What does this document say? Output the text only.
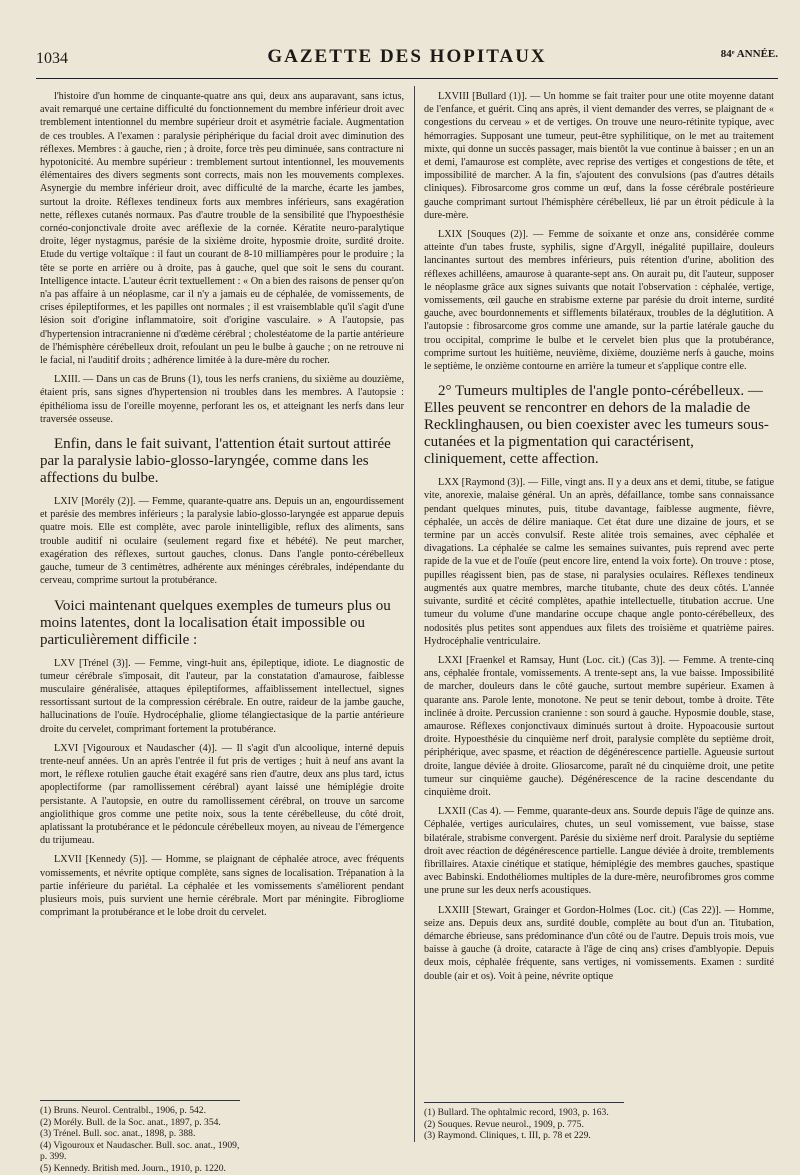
1034	GAZETTE DES HOPITAUX	84ᵉ ANNÉE.

l'histoire d'un homme de cinquante-quatre ans qui, deux ans auparavant, sans ictus, avait remarqué une certaine difficulté du fonctionnement du membre inférieur droit avec tremblement intentionnel du membre supérieur droit et asymétrie faciale. Augmentation de ces troubles. A l'examen : paralysie périphérique du facial droit avec diminution des réflexes. Membres : à gauche, rien ; à droite, force très peu diminuée, sans contracture ni hypotonicité. Au membre supérieur : tremblement surtout intentionnel, les mouvements élémentaires des divers segments sont corrects, mais non les mouvements complexes. Asynergie du membre inférieur droit, avec difficulté de la marche, écarte les jambes, surtout la droite. Réflexes tendineux forts aux membres inférieurs, sans exagération nette, réflexes cutanés normaux. Pas d'autre trouble de la sensibilité que l'hypoesthésie cornéo-conjonctivale droite avec aréflexie de la cornée. Kératite neuro-paralytique droite, léger nystagmus, parésie de la sixième droite, hyposmie droite, surdité droite. Etude du vertige voltaïque : il faut un courant de 8-10 milliampères pour le produire ; la tête se porte en arrière ou à droite, pas à gauche, quel que soit le sens du courant. Intelligence intacte. L'auteur écrit textuellement : « On a bien des raisons de penser qu'on n'a pas affaire à un néoplasme, car il n'y a jamais eu de céphalée, de vomissements, de crises épileptiformes, et les papilles ont normales ; il est vraisemblable qu'il s'agit d'une lésion soit d'origine inflammatoire, soit d'origine vasculaire. » A l'autopsie, pas d'hypertension intracranienne ni d'œdème cérébral ; cholestéatome de la partie antérieure de l'hémisphère cérébelleux droit, refoulant un peu le bulbe à gauche ; on ne retrouve ni le facial, ni l'auditif droits ; adhérence limitée à la dure-mère du rocher.

LXIII. — Dans un cas de Bruns (1), tous les nerfs craniens, du sixième au douzième, étaient pris, sans signes d'hypertension ni troubles dans les membres. A l'autopsie : épithélioma issu de l'oreille moyenne, perforant les os, et atteignant les nerfs dans leur traversée osseuse.

Enfin, dans le fait suivant, l'attention était surtout attirée par la paralysie labio-glosso-laryngée, comme dans les affections du bulbe.

LXIV [Morély (2)]. — Femme, quarante-quatre ans. Depuis un an, engourdissement et parésie des membres inférieurs ; la paralysie labio-glosso-laryngée est apparue depuis quatre mois. Elle est complète, avec parole inintelligible, reflux des aliments, sans trouble auditif ni oculaire (seulement regard fixe et hébété). Ne peut marcher, exagération des réflexes, surtout gauches, clonus. Dans l'angle ponto-cérébelleux gauche, tumeur de 3 centimètres, adhérente aux méninges cérébrales, indépendante du cerveau, comprime surtout la protubérance.

Voici maintenant quelques exemples de tumeurs plus ou moins latentes, dont la localisation était impossible ou particulièrement difficile :

LXV [Trénel (3)]. — Femme, vingt-huit ans, épileptique, idiote. Le diagnostic de tumeur cérébrale s'imposait, dit l'auteur, par la constatation d'amaurose, faiblesse musculaire généralisée, attaques épileptiformes, affaiblissement intellectuel, signes ressortissant surtout de la compression cérébrale. En outre, raideur de la jambe gauche, hallucinations de l'ouïe. Hydrocéphalie, gliome télangiectasique de la partie antérieure droite du cervelet, comprimant fortement la protubérance.

LXVI [Vigouroux et Naudascher (4)]. — Il s'agit d'un alcoolique, interné depuis trente-neuf années. Un an après l'entrée il fut pris de vertiges ; huit à neuf ans avant la mort, le réflexe rotulien gauche était exagéré sans rien d'autre, deux ans plus tard, ictus apoplectiforme (par ramollissement cérébral) ayant laissé une hémiplégie droite persistante. A l'autopsie, en outre du ramollissement cérébral, on trouve un sarcome angiolithique gros comme une petite noix, sous la tente cérébelleuse, du côté droit, aplatissant la protubérance et le pédoncule cérébelleux moyen, au niveau de l'émergence du trijumeau.

LXVII [Kennedy (5)]. — Homme, se plaignant de céphalée atroce, avec fréquents vomissements, et névrite optique complète, sans signes de localisation. Trépanation à la partie inférieure du pariétal. La céphalée et les vomissements s'améliorent pendant plusieurs mois, puis survient une hernie cérébrale. Mort par méningite. Fibrogliome comprimant la protubérance et le lobe droit du cervelet.

(1) Bruns. Neurol. Centralbl., 1906, p. 542.
(2) Morély. Bull. de la Soc. anat., 1897, p. 354.
(3) Trénel. Bull. soc. anat., 1898, p. 388.
(4) Vigouroux et Naudascher. Bull. soc. anat., 1909, p. 399.
(5) Kennedy. British med. Journ., 1910, p. 1220.

LXVIII [Bullard (1)]. — Un homme se fait traiter pour une otite moyenne datant de l'enfance, et guérit. Cinq ans après, il vient demander des verres, se plaignant de « congestions du cerveau » et de vertiges. On trouve une neuro-rétinite typique, avec hémorragies. Supposant une tumeur, peut-être syphilitique, on le met au traitement mixte, qui donne un succès passager, mais bientôt la vue continue à baisser ; en un an et demi, l'amaurose est complète, avec reprise des vertiges et congestions de tête, et impossibilité de marcher. A la fin, s'ajoutent des convulsions (pas d'autres détails cliniques). Fibrosarcome gros comme un œuf, dans la fosse cérébrale postérieure gauche comprimant surtout l'hémisphère cérébelleux, lié par un étroit pédicule à la dure-mère.

LXIX [Souques (2)]. — Femme de soixante et onze ans, considérée comme atteinte d'un tabes fruste, syphilis, signe d'Argyll, inégalité pupillaire, douleurs lancinantes surtout des membres inférieurs, puis rétention d'urine, abolition des réflexes achilléens, amaurose à quarante-sept ans. On aurait pu, dit l'auteur, supposer le néoplasme grâce aux signes suivants que notait l'observation : céphalée, vertige, vomissements, œil gauche en strabisme externe par parésie du droit interne, surdité gauche, avec bourdonnements et sifflements bilatéraux, troubles de la déglutition. A l'autopsie : fibrosarcome gros comme une amande, sur la partie latérale gauche du trou occipital, comprime le bulbe et le cervelet bien plus que la protubérance, comprime surtout les huitième, neuvième, dixième, douzième nerfs à gauche, moins le septième, le onzième contourne en arrière la tumeur et s'applique contre elle.

2° Tumeurs multiples de l'angle ponto-cérébelleux. — Elles peuvent se rencontrer en dehors de la maladie de Recklinghausen, ou bien coexister avec les tumeurs sous-cutanées et la pigmentation qui caractérisent, cliniquement, cette affection.

LXX [Raymond (3)]. — Fille, vingt ans. Il y a deux ans et demi, titube, se fatigue vite, anorexie, malaise général. Un an après, défaillance, tombe sans connaissance pendant quelques minutes, puis, titube davantage, faiblesse augmente, fièvre, céphalée, un accès de délire maniaque. Cet état dure une dizaine de jours, et se termine par un accès convulsif. Reste alitée trois semaines, avec céphalée et divagations. La céphalée se calme les semaines suivantes, puis reprend avec perte rapide de la vue et de l'ouïe (peut encore lire, entend la voix forte). On trouve : ptose, pupilles réagissent bien, pas de stase, ni paralysies oculaires. Réflexes tendineux augmentés aux quatre membres, marche titubante, chute des deux côtés. L'année suivante, surdité et cécité complètes, apathie intellectuelle, titubation accrue. Une tumeur du volume d'une mandarine occupe chaque angle ponto-cérébelleux, des nodosités plus petites sont appendues aux filets des troisième et quatrième paires. Hydrocéphalie ventriculaire.

LXXI [Fraenkel et Ramsay, Hunt (Loc. cit.) (Cas 3)]. — Femme. A trente-cinq ans, céphalée frontale, vomissements. A trente-sept ans, la vue baisse. Impossibilité de marcher, douleurs dans le côté gauche, surtout membre supérieur. Examen à quarante ans. Parole lente, monotone. Ne peut se tenir debout, tombe à droite. Tête inclinée à droite. Percussion cranienne : son sourd à gauche. Hyposmie double, stase, amaurose. Réflexes conjonctivaux diminués surtout à droite. Hypoacousie surtout droite. Hypoesthésie du cinquième nerf droit, paralysie complète du septième droit, périphérique, avec spasme, et réaction de dégénérescence partielle. Agueusie surtout droite, langue déviée à droite. Gliosarcome, paraît né du cinquième droit, une petite tumeur sur cinquième gauche). Dégénérescence de la racine descendante du cinquième droit.

LXXII (Cas 4). — Femme, quarante-deux ans. Sourde depuis l'âge de quinze ans. Céphalée, vertiges auriculaires, chutes, un seul vomissement, vue baisse, stase bilatérale, strabisme convergent. Parésie du sixième nerf droit. Paralysie du septième droit avec réaction de dégénérescence partielle. Langue déviée à droite, tremblements fibrillaires. Ataxie cinétique et statique, hémiplégie des membres gauches, spastique avec Babinski. Endothéliomes multiples de la dure-mère, neurofibromes gros comme une prune sur les deux nerfs acoustiques.

LXXIII [Stewart, Grainger et Gordon-Holmes (Loc. cit.) (Cas 22)]. — Homme, seize ans. Depuis deux ans, surdité double, complète au bout d'un an. Titubation, démarche ébrieuse, sans prédominance d'un côté ou de l'autre. Depuis trois mois, vue baisse à gauche (à droite, cataracte à l'âge de cinq ans) crises d'amblyopie. Depuis deux mois, céphalée fréquente, sans vertiges, ni vomissements. Examen : surdité double (air et os). Voit à peine, névrite optique

(1) Bullard. The ophtalmic record, 1903, p. 163.
(2) Souques. Revue neurol., 1909, p. 775.
(3) Raymond. Cliniques, t. III, p. 78 et 229.
